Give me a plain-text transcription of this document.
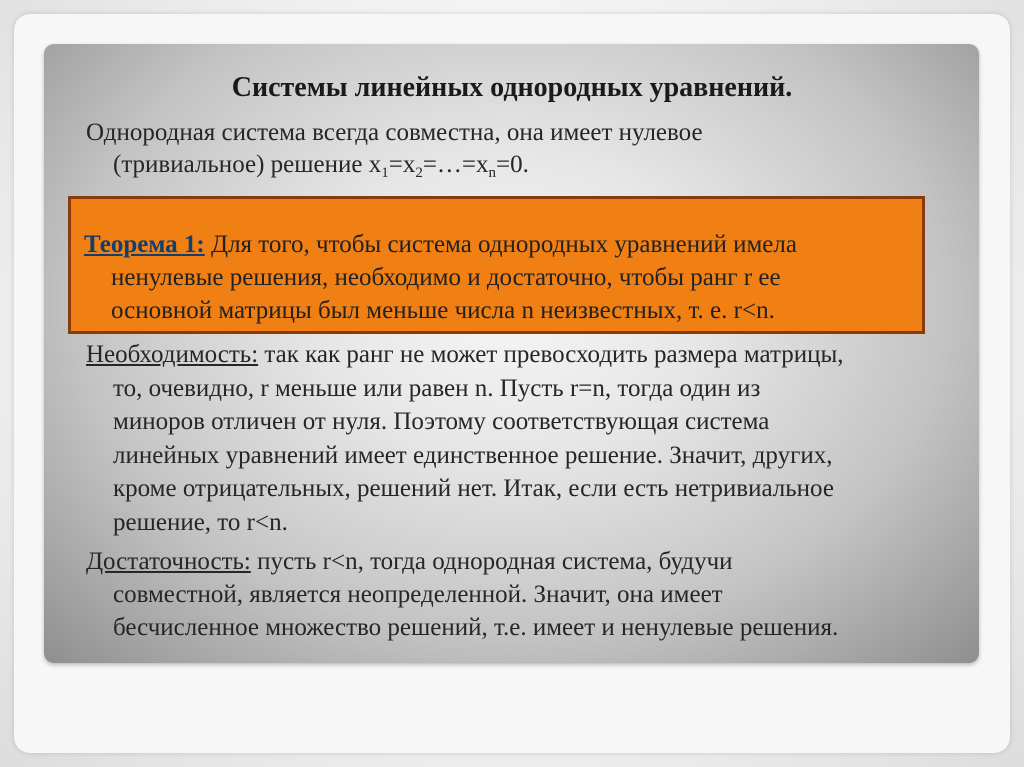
Системы линейных однородных уравнений.
Однородная система всегда совместна, она имеет нулевое
(тривиальное) решение $x_1=x_2=\dots=x_n=0$.
Теорема 1: Для того, чтобы система однородных уравнений имела
ненулевые решения, необходимо и достаточно, чтобы ранг r ее
основной матрицы был меньше числа n неизвестных, т. е. r<n.
Необходимость: так как ранг не может превосходить размера матрицы,
то, очевидно, r меньше или равен n. Пусть r=n, тогда один из
миноров отличен от нуля. Поэтому соответствующая система
линейных уравнений имеет единственное решение. Значит, других,
кроме отрицательных, решений нет. Итак, если есть нетривиальное
решение, то r<n.
Достаточность: пусть r<n, тогда однородная система, будучи
совместной, является неопределенной. Значит, она имеет
бесчисленное множество решений, т.е. имеет и ненулевые решения.
